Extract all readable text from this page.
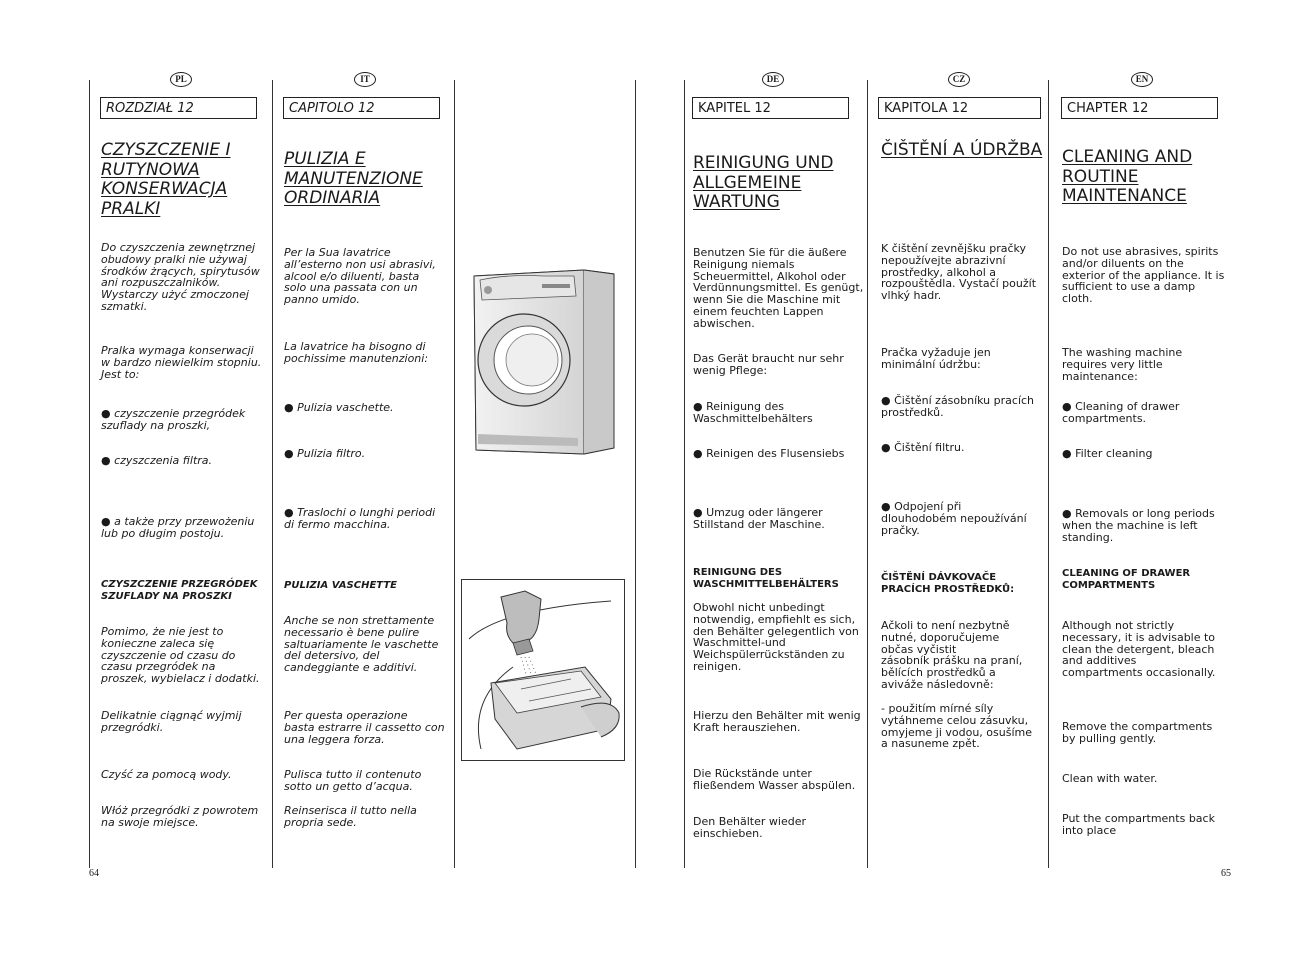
PL
ROZDZIAŁ 12
CZYSZCZENIE I
RUTYNOWA
KONSERWACJA
PRALKI
Do czyszczenia zewnętrznej
obudowy pralki nie używaj
środków żrących, spirytusów
ani rozpuszczalników.
Wystarczy użyć zmoczonej
szmatki.
Pralka wymaga konserwacji
w bardzo niewielkim stopniu.
Jest to:
● czyszczenie przegródek
szuflady na proszki,
● czyszczenia filtra.
● a także przy przewożeniu
lub po długim postoju.
CZYSZCZENIE PRZEGRÓDEK
SZUFLADY NA PROSZKI
Pomimo, że nie jest to
konieczne zaleca się
czyszczenie od czasu do
czasu przegródek na
proszek, wybielacz i dodatki.
Delikatnie ciągnąć wyjmij
przegródki.
Czyść za pomocą wody.
Włóż przegródki z powrotem
na swoje miejsce.
IT
CAPITOLO 12
PULIZIA E
MANUTENZIONE
ORDINARIA
Per la Sua lavatrice
all’esterno non usi abrasivi,
alcool e/o diluenti, basta
solo una passata con un
panno umido.
La lavatrice ha bisogno di
pochissime manutenzioni:
● Pulizia vaschette.
● Pulizia filtro.
● Traslochi o lunghi periodi
di fermo macchina.
PULIZIA VASCHETTE
Anche se non strettamente
necessario è bene pulire
saltuariamente le vaschette
del detersivo, del
candeggiante e additivi.
Per questa operazione
basta estrarre il cassetto con
una leggera forza.
Pulisca tutto il contenuto
sotto un getto d’acqua.
Reinserisca il tutto nella
propria sede.
DE
KAPITEL 12
REINIGUNG UND
ALLGEMEINE
WARTUNG
Benutzen Sie für die äußere
Reinigung niemals
Scheuermittel, Alkohol oder
Verdünnungsmittel. Es genügt,
wenn Sie die Maschine mit
einem feuchten Lappen
abwischen.
Das Gerät braucht nur sehr
wenig Pflege:
● Reinigung des
Waschmittelbehälters
● Reinigen des Flusensiebs
● Umzug oder längerer
Stillstand der Maschine.
REINIGUNG DES
WASCHMITTELBEHÄLTERS
Obwohl nicht unbedingt
notwendig, empfiehlt es sich,
den Behälter gelegentlich von
Waschmittel-und
Weichspülerrückständen zu
reinigen.
Hierzu den Behälter mit wenig
Kraft herausziehen.
Die Rückstände unter
fließendem Wasser abspülen.
Den Behälter wieder
einschieben.
CZ
KAPITOLA 12
ČIŠTĚNÍ A ÚDRŽBA
K čištění zevnějšku pračky
nepoužívejte abrazivní
prostředky, alkohol a
rozpouštědla. Vystačí použít
vlhký hadr.
Pračka vyžaduje jen
minimální údržbu:
● Čištění zásobníku pracích
prostředků.
● Čištění filtru.
● Odpojení při
dlouhodobém nepoužívání
pračky.
ČIŠTĚNÍ DÁVKOVAČE
PRACÍCH PROSTŘEDKŮ:
Ačkoli to není nezbytně
nutné, doporučujeme
občas vyčistit
zásobník prášku na praní,
bělících prostředků a
aviváže následovně:
- použitím mírné síly
vytáhneme celou zásuvku,
omyjeme ji vodou, osušíme
a nasuneme zpět.
EN
CHAPTER 12
CLEANING AND
ROUTINE
MAINTENANCE
Do not use abrasives, spirits
and/or diluents on the
exterior of the appliance. It is
sufficient to use a damp
cloth.
The washing machine
requires very little
maintenance:
● Cleaning of drawer
compartments.
● Filter cleaning
● Removals or long periods
when the machine is left
standing.
CLEANING OF DRAWER
COMPARTMENTS
Although not strictly
necessary, it is advisable to
clean the detergent, bleach
and additives
compartments occasionally.
Remove the compartments
by pulling gently.
Clean with water.
Put the compartments back
into place
64	65
